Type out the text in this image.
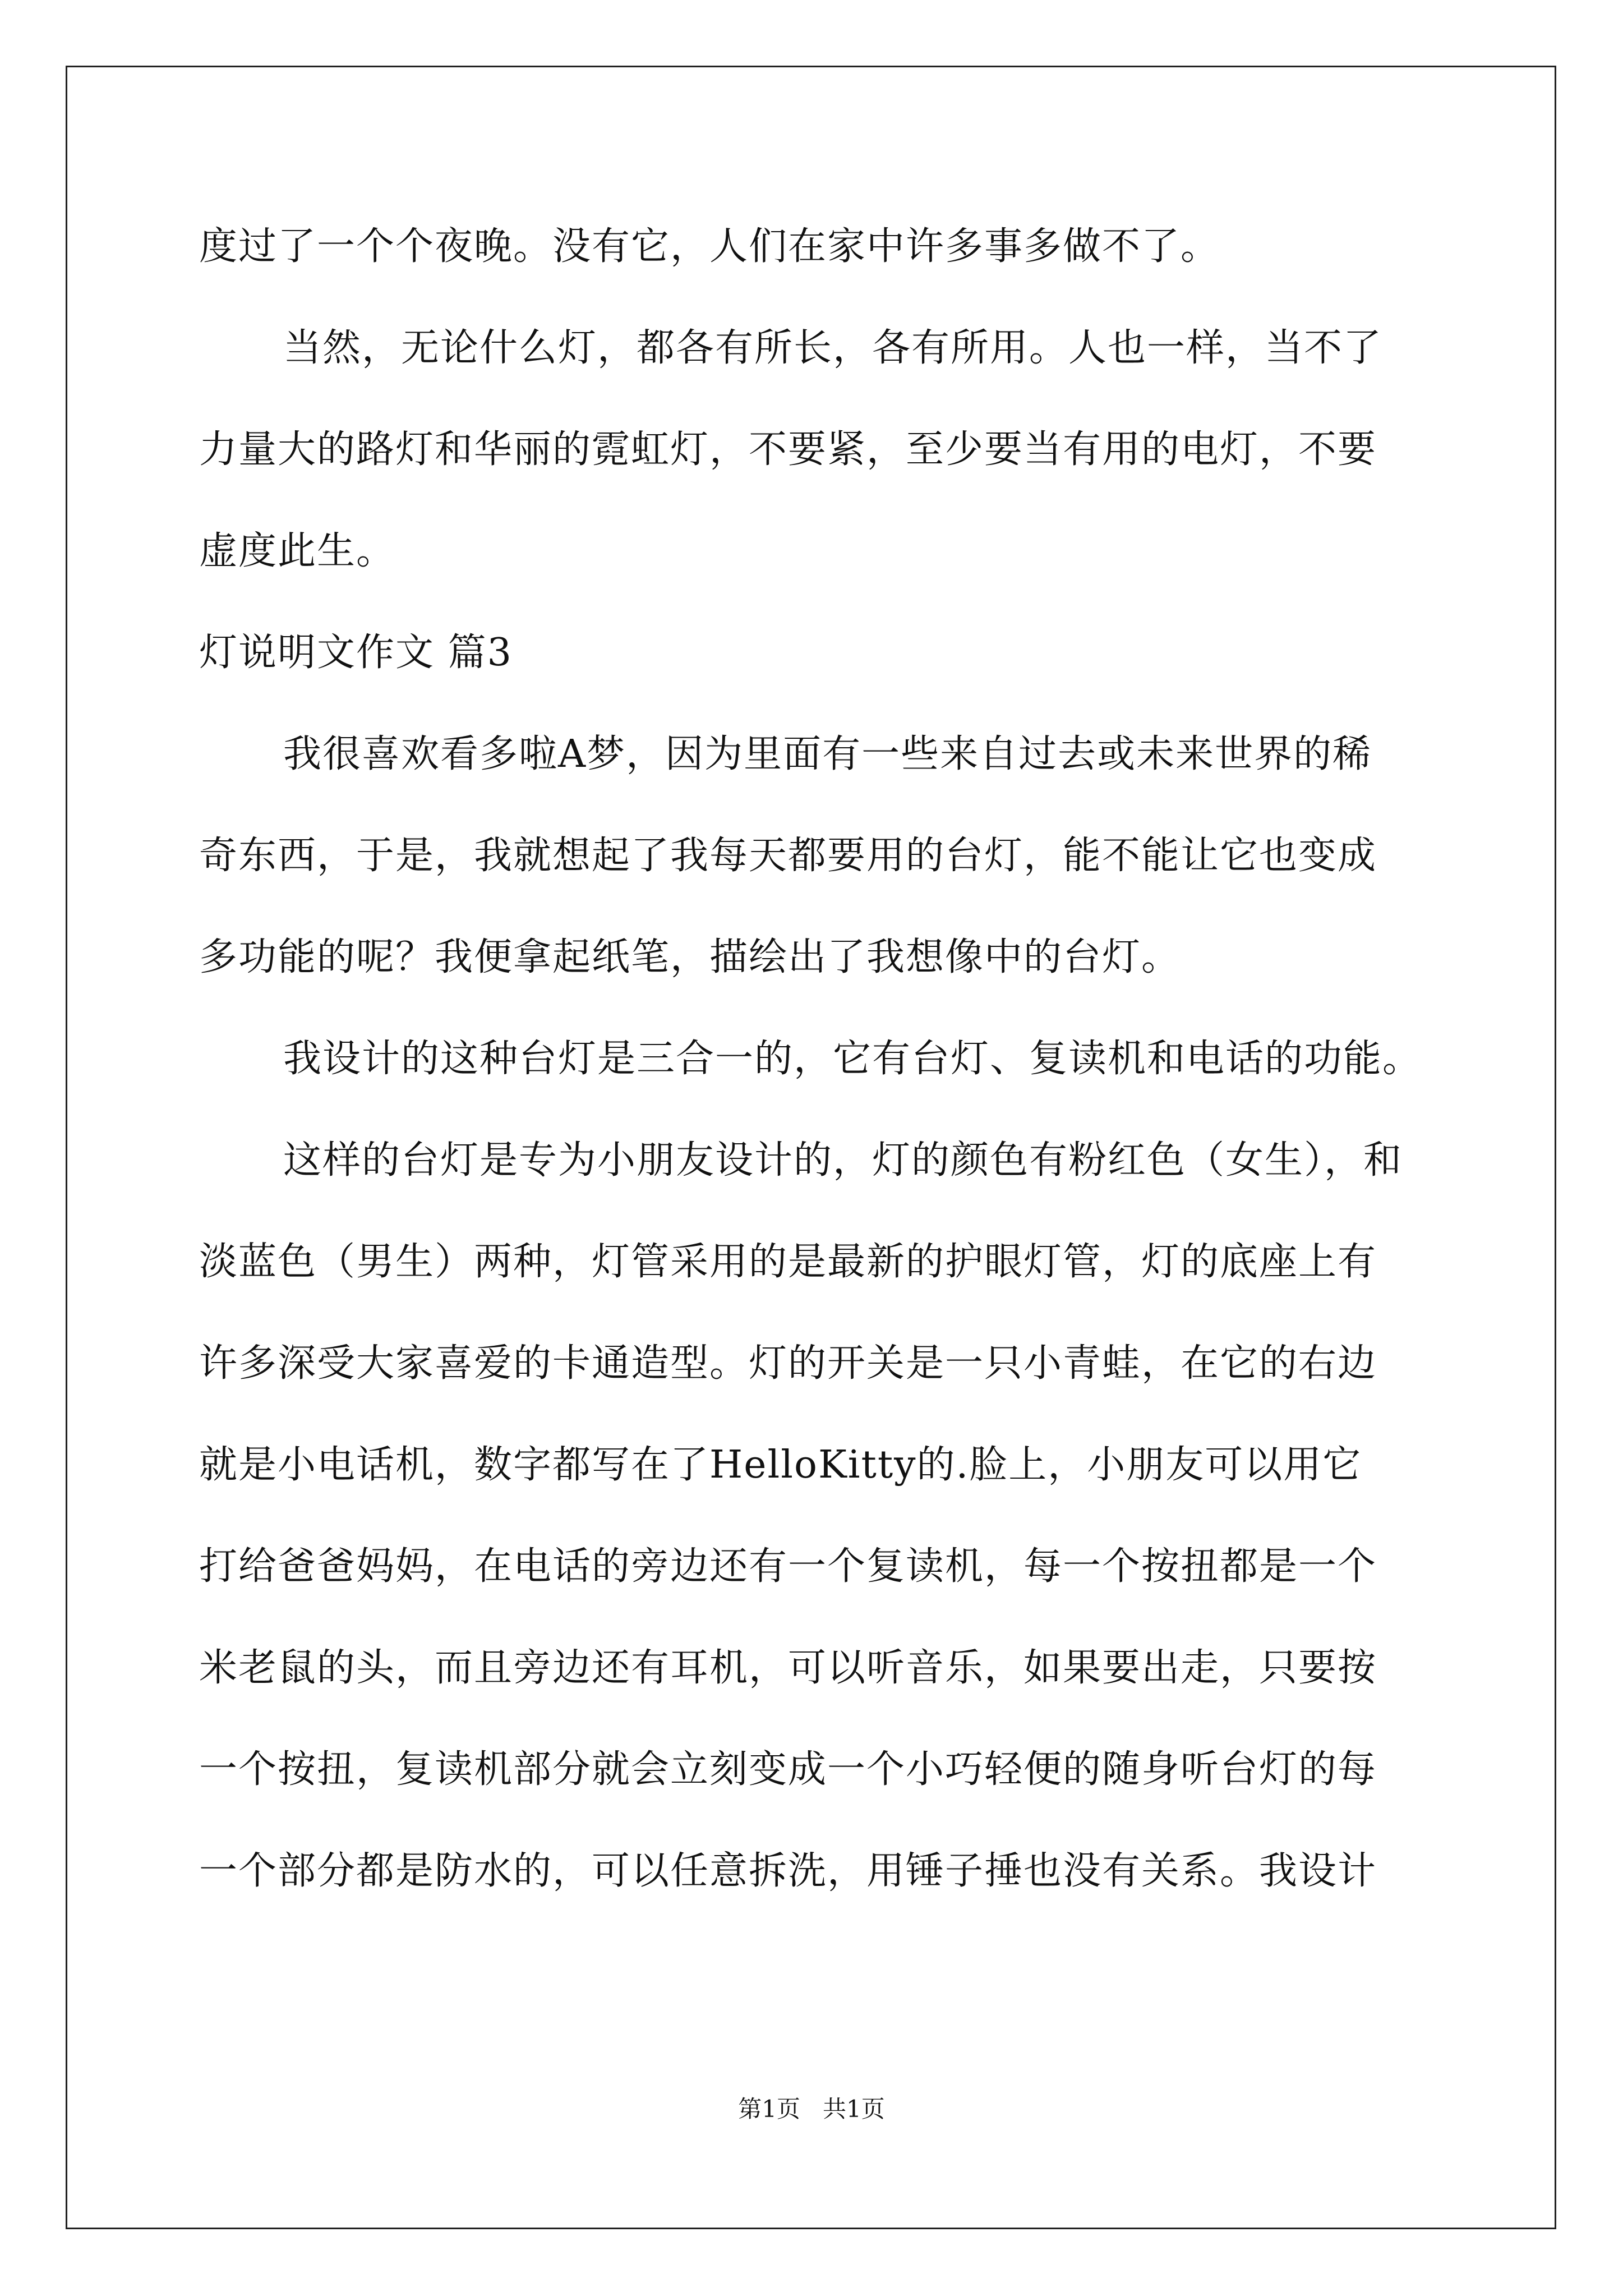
度过了一个个夜晚。没有它，人们在家中许多事多做不了。
当然，无论什么灯，都各有所长，各有所用。人也一样，当不了
力量大的路灯和华丽的霓虹灯，不要紧，至少要当有用的电灯，不要
虚度此生。
灯说明文作文 篇3
我很喜欢看多啦A梦，因为里面有一些来自过去或未来世界的稀
奇东西，于是，我就想起了我每天都要用的台灯，能不能让它也变成
多功能的呢？我便拿起纸笔，描绘出了我想像中的台灯。
我设计的这种台灯是三合一的，它有台灯、复读机和电话的功能。
这样的台灯是专为小朋友设计的，灯的颜色有粉红色（女生），和
淡蓝色（男生）两种，灯管采用的是最新的护眼灯管，灯的底座上有
许多深受大家喜爱的卡通造型。灯的开关是一只小青蛙，在它的右边
就是小电话机，数字都写在了HelloKitty的.脸上，小朋友可以用它
打给爸爸妈妈，在电话的旁边还有一个复读机，每一个按扭都是一个
米老鼠的头，而且旁边还有耳机，可以听音乐，如果要出走，只要按
一个按扭，复读机部分就会立刻变成一个小巧轻便的随身听台灯的每
一个部分都是防水的，可以任意拆洗，用锤子捶也没有关系。我设计
第1页   共1页
